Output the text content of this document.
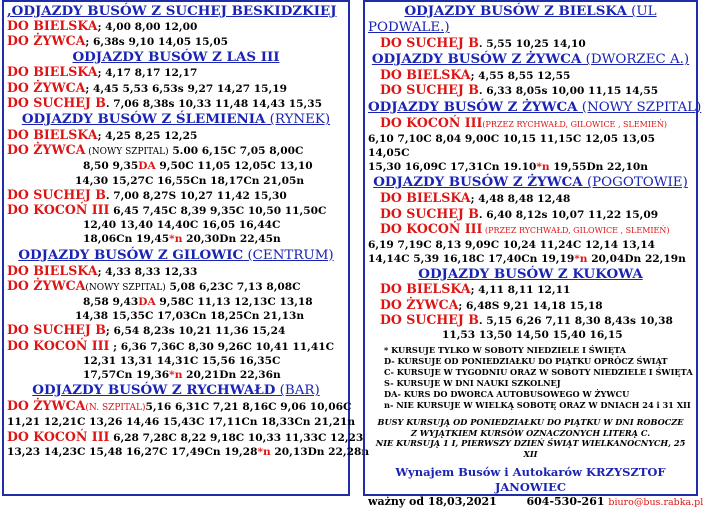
,ODJAZDY BUSÓW Z SUCHEJ BESKIDZKIEJ
DO BIELSKA; 4,00 8,00 12,00
DO ŻYWCA; 6,38s 9,10 14,05 15,05
ODJAZDY BUSÓW Z LAS III
DO BIELSKA; 4,17 8,17 12,17
DO ŻYWCA; 4,45 5,53 6,53s 9,27 14,27 15,19
DO SUCHEJ B. 7,06 8,38s 10,33 11,48 14,43 15,35
ODJAZDY BUSÓW Z ŚLEMIENIA (RYNEK)
DO BIELSKA; 4,25 8,25 12,25
DO ŻYWCA (NOWY SZPITAL) 5.00 6,15C 7,05 8,00C
8,50 9,35DA 9,50C 11,05 12,05C 13,10
14,30 15,27C 16,55Cn 18,17Cn 21,05n
DO SUCHEJ B. 7,00 8,27S 10,27 11,42 15,30
DO KOCOŃ III 6,45 7,45C 8,39 9,35C 10,50 11,50C
12,40 13,40 14,40C 16,05 16,44C
18,06Cn 19,45*n 20,30Dn 22,45n
ODJAZDY BUSÓW Z GILOWIC (CENTRUM)
DO BIELSKA; 4,33 8,33 12,33
DO ŻYWCA(NOWY SZPITAL) 5,08 6,23C 7,13 8,08C
8,58 9,43DA 9,58C 11,13 12,13C 13,18
14,38 15,35C 17,03Cn 18,25Cn 21,13n
DO SUCHEJ B; 6,54 8,23s 10,21 11,36 15,24
DO KOCOŃ III ; 6,36 7,36C 8,30 9,26C 10,41 11,41C
12,31 13,31 14,31C 15,56 16,35C
17,57Cn 19,36*n 20,21Dn 22,36n
ODJAZDY BUSÓW Z RYCHWAŁD (BAR)
DO ŻYWCA(N. SZPITAL)5,16 6,31C 7,21 8,16C 9,06 10,06C
11,21 12,21C 13,26 14,46 15,43C 17,11Cn 18,33Cn 21,21n
DO KOCOŃ III 6,28 7,28C 8,22 9,18C 10,33 11,33C 12,23
13,23 14,23C 15,48 16,27C 17,49Cn 19,28*n 20,13Dn 22,28n
ODJAZDY BUSÓW Z BIELSKA (UL
PODWALE.)
DO SUCHEJ B. 5,55 10,25 14,10
ODJAZDY BUSÓW Z ŻYWCA (DWORZEC A.)
DO BIELSKA; 4,55 8,55 12,55
DO SUCHEJ B. 6,33 8,05s 10,00 11,15 14,55
ODJAZDY BUSÓW Z ŻYWCA (NOWY SZPITAL)
DO KOCOŃ III(PRZEZ RYCHWAŁD, GILOWICE , SLEMIEŃ)
6,10 7,10C 8,04 9,00C 10,15 11,15C 12,05 13,05
14,05C
15,30 16,09C 17,31Cn 19.10*n 19,55Dn 22,10n
ODJAZDY BUSÓW Z ŻYWCA (POGOTOWIE)
DO BIELSKA; 4,48 8,48 12,48
DO SUCHEJ B. 6,40 8,12s 10,07 11,22 15,09
DO KOCOŃ III (PRZEZ RYCHWAŁD, GILOWICE , SLEMIEŃ)
6,19 7,19C 8,13 9,09C 10,24 11,24C 12,14 13,14
14,14C 5,39 16,18C 17,40Cn 19,19*n 20,04Dn 22,19n
ODJAZDY BUSÓW Z KUKOWA
DO BIELSKA; 4,11 8,11 12,11
DO ŻYWCA; 6,48S 9,21 14,18 15,18
DO SUCHEJ B. 5,15 6,26 7,11 8,30 8,43s 10,38
11,53 13,50 14,50 15,40 16,15
* KURSUJE TYLKO W SOBOTY NIEDZIELE I ŚWIĘTA
D- KURSUJE OD PONIEDZIAŁKU DO PIĄTKU OPRÓCZ ŚWIĄT
C- KURSUJE W TYGODNIU ORAZ W SOBOTY NIEDZIELE I ŚWIĘTA
S- KURSUJE W DNI NAUKI SZKOLNEJ
DA- KURS DO DWORCA AUTOBUSOWEGO W ŻYWCU
n- NIE KURSUJE W WIELKĄ SOBOTĘ ORAZ W DNIACH 24 i 31 XII
BUSY KURSUJĄ OD PONIEDZIAŁKU DO PIĄTKU W DNI ROBOCZE
Z WYJĄTKIEM KURSÓW OZNACZONYCH LITERĄ C.
NIE KURSUJĄ 1 I, PIERWSZY DZIEŃ ŚWIĄT WIELKANOCNYCH, 25 XII
Wynajem Busów i Autokarów KRZYSZTOF JANOWIEC
ważny od 18,03,2021	604-530-261 biuro@bus.rabka.pl
